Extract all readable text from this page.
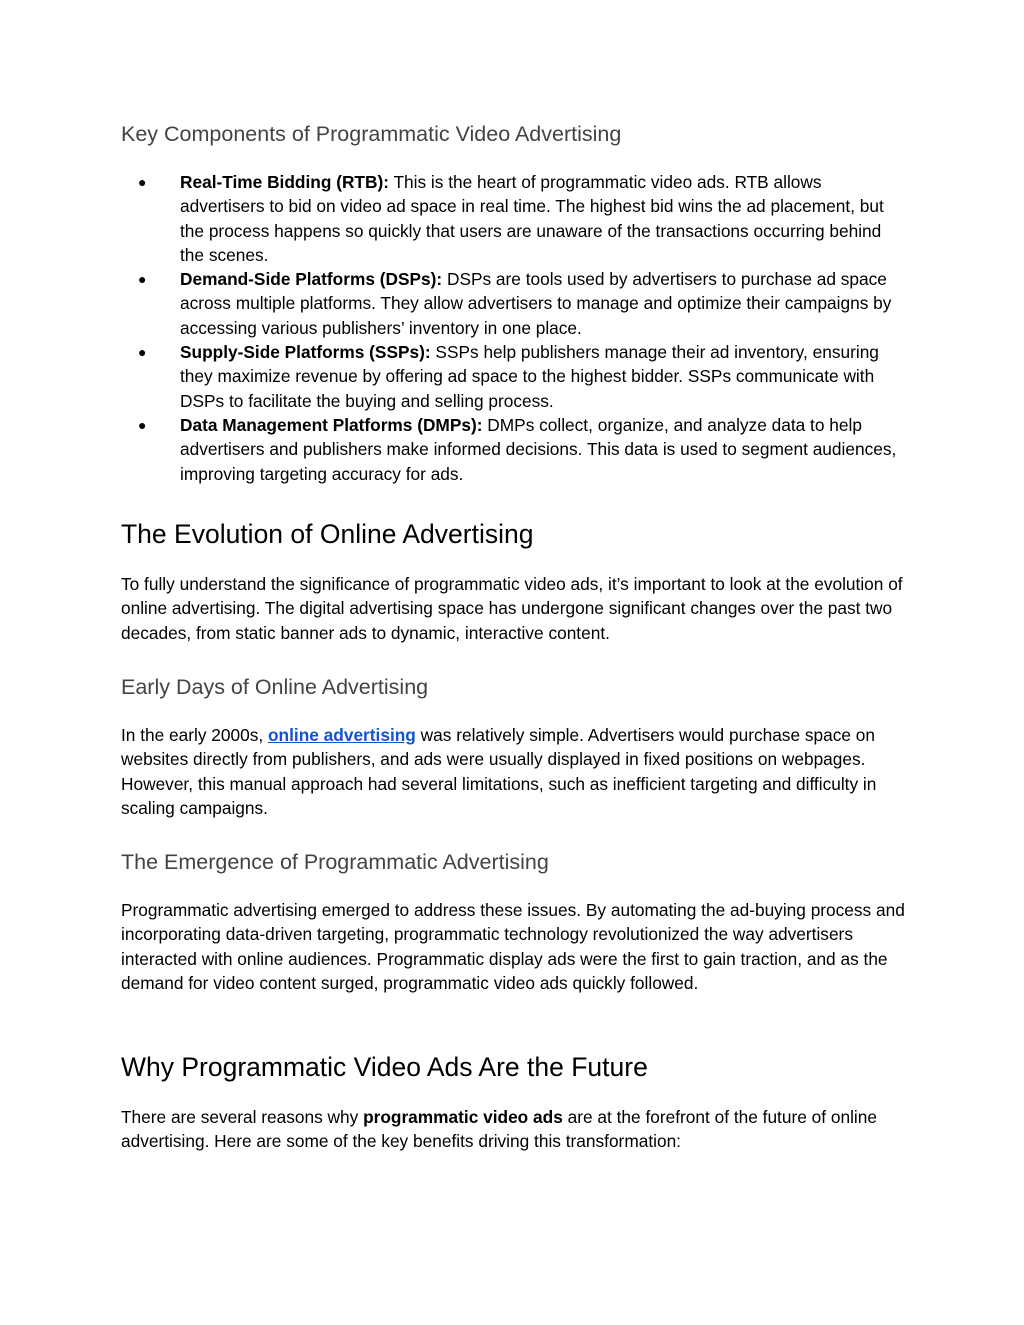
Key Components of Programmatic Video Advertising
● Real-Time Bidding (RTB): This is the heart of programmatic video ads. RTB allows advertisers to bid on video ad space in real time. The highest bid wins the ad placement, but the process happens so quickly that users are unaware of the transactions occurring behind the scenes.
● Demand-Side Platforms (DSPs): DSPs are tools used by advertisers to purchase ad space across multiple platforms. They allow advertisers to manage and optimize their campaigns by accessing various publishers’ inventory in one place.
● Supply-Side Platforms (SSPs): SSPs help publishers manage their ad inventory, ensuring they maximize revenue by offering ad space to the highest bidder. SSPs communicate with DSPs to facilitate the buying and selling process.
● Data Management Platforms (DMPs): DMPs collect, organize, and analyze data to help advertisers and publishers make informed decisions. This data is used to segment audiences, improving targeting accuracy for ads.
The Evolution of Online Advertising

To fully understand the significance of programmatic video ads, it’s important to look at the evolution of online advertising. The digital advertising space has undergone significant changes over the past two decades, from static banner ads to dynamic, interactive content.

Early Days of Online Advertising

In the early 2000s, online advertising was relatively simple. Advertisers would purchase space on websites directly from publishers, and ads were usually displayed in fixed positions on webpages. However, this manual approach had several limitations, such as inefficient targeting and difficulty in scaling campaigns.

The Emergence of Programmatic Advertising

Programmatic advertising emerged to address these issues. By automating the ad-buying process and incorporating data-driven targeting, programmatic technology revolutionized the way advertisers interacted with online audiences. Programmatic display ads were the first to gain traction, and as the demand for video content surged, programmatic video ads quickly followed.

Why Programmatic Video Ads Are the Future

There are several reasons why programmatic video ads are at the forefront of the future of online advertising. Here are some of the key benefits driving this transformation:
